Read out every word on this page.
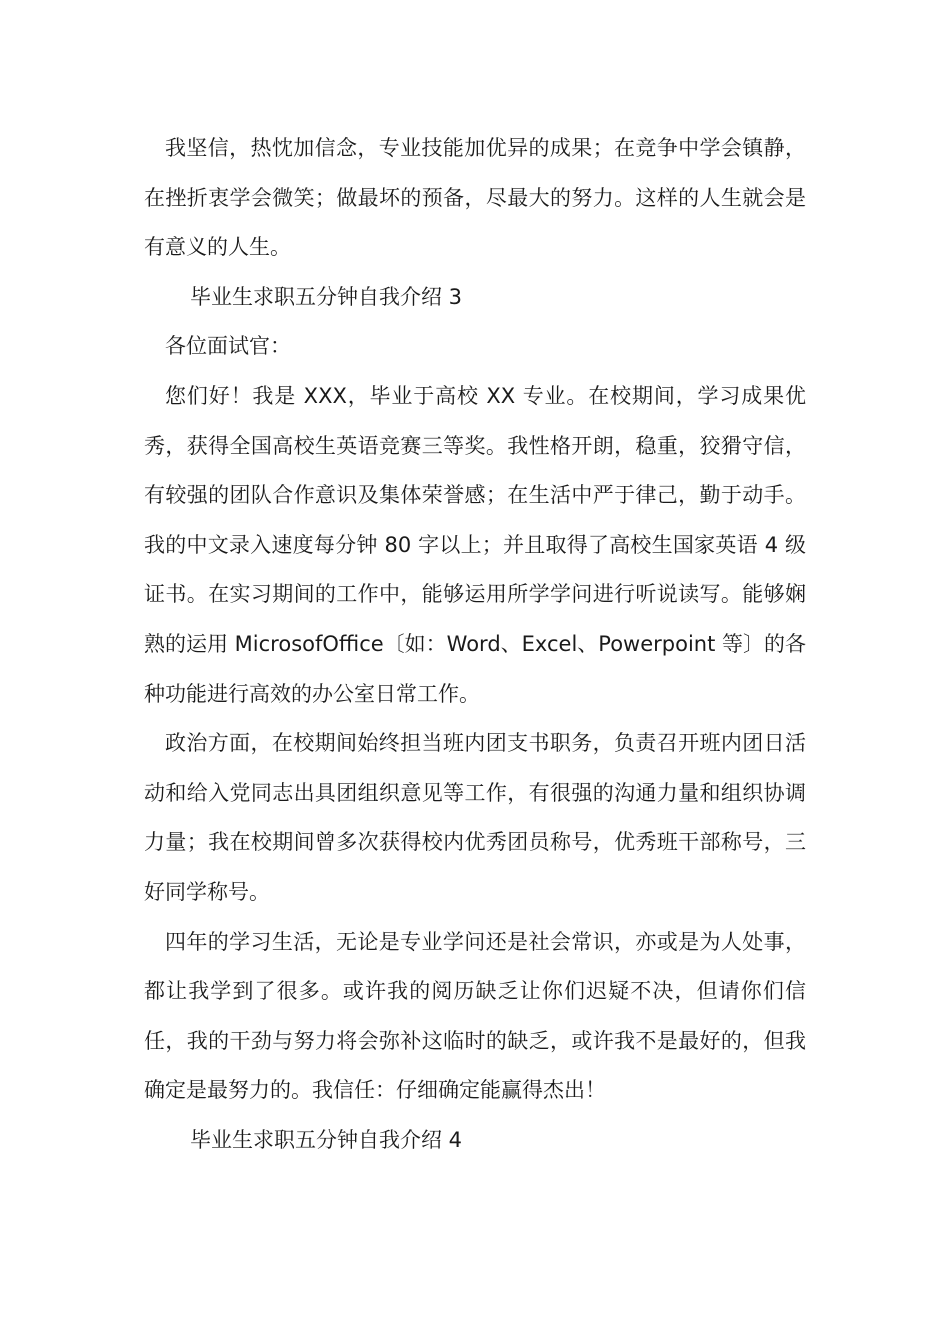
我坚信，热忱加信念，专业技能加优异的成果；在竞争中学会镇静，在挫折衷学会微笑；做最坏的预备，尽最大的努力。这样的人生就会是有意义的人生。

毕业生求职五分钟自我介绍 3

各位面试官：

您们好！我是 XXX，毕业于高校 XX 专业。在校期间，学习成果优秀，获得全国高校生英语竞赛三等奖。我性格开朗，稳重，狡猾守信，有较强的团队合作意识及集体荣誉感；在生活中严于律己，勤于动手。我的中文录入速度每分钟 80 字以上；并且取得了高校生国家英语 4 级证书。在实习期间的工作中，能够运用所学学问进行听说读写。能够娴熟的运用 MicrosofOffice〔如：Word、Excel、Powerpoint 等〕的各种功能进行高效的办公室日常工作。

政治方面，在校期间始终担当班内团支书职务，负责召开班内团日活动和给入党同志出具团组织意见等工作，有很强的沟通力量和组织协调力量；我在校期间曾多次获得校内优秀团员称号，优秀班干部称号，三好同学称号。

四年的学习生活，无论是专业学问还是社会常识，亦或是为人处事，都让我学到了很多。或许我的阅历缺乏让你们迟疑不决，但请你们信任，我的干劲与努力将会弥补这临时的缺乏，或许我不是最好的，但我确定是最努力的。我信任：仔细确定能赢得杰出！

毕业生求职五分钟自我介绍 4
